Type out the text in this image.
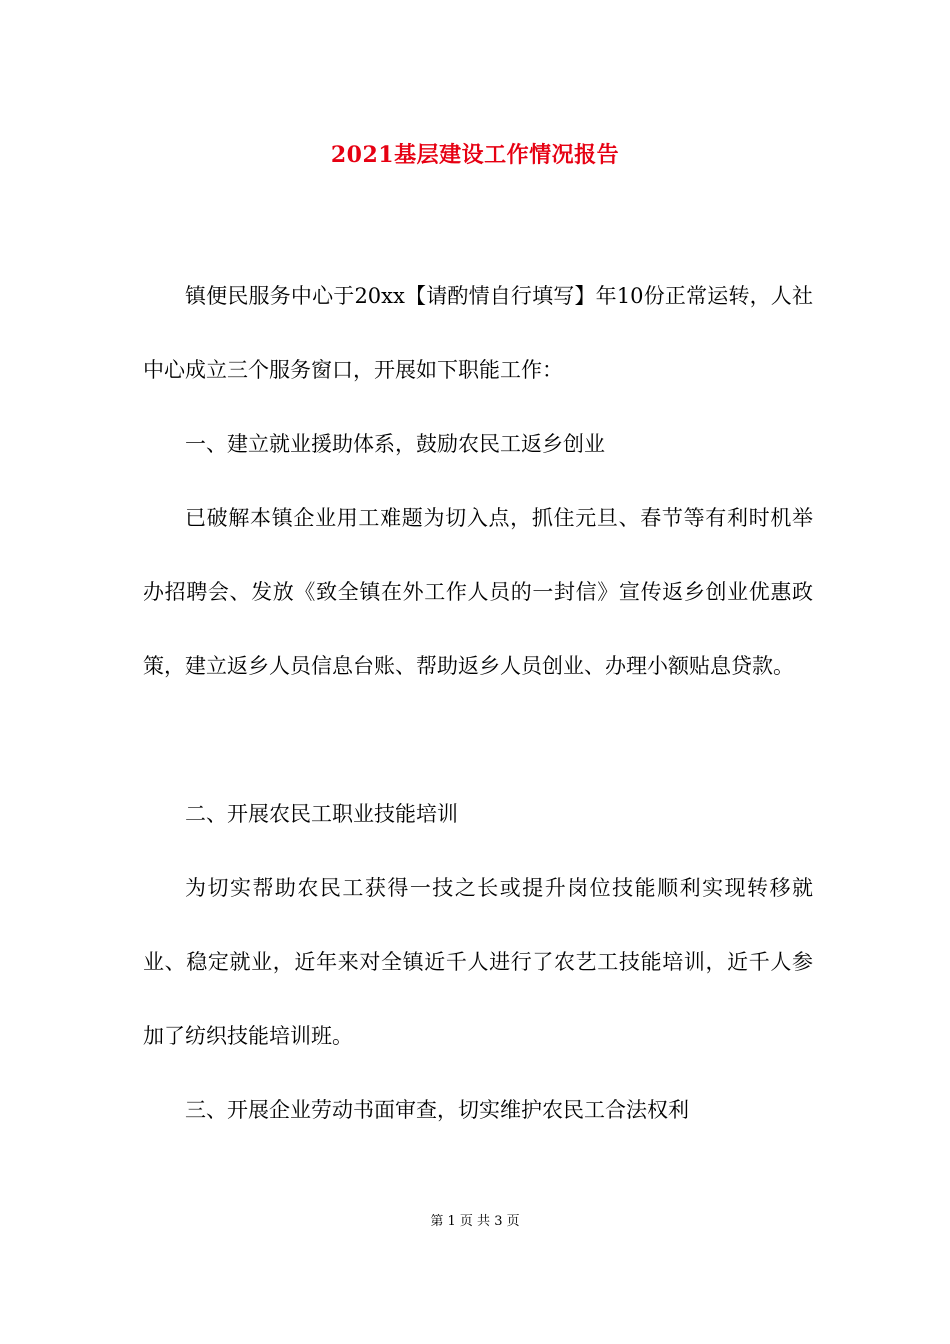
2021基层建设工作情况报告

镇便民服务中心于20xx【请酌情自行填写】年10份正常运转，人社中心成立三个服务窗口，开展如下职能工作：

一、建立就业援助体系，鼓励农民工返乡创业

已破解本镇企业用工难题为切入点，抓住元旦、春节等有利时机举办招聘会、发放《致全镇在外工作人员的一封信》宣传返乡创业优惠政策，建立返乡人员信息台账、帮助返乡人员创业、办理小额贴息贷款。

二、开展农民工职业技能培训

为切实帮助农民工获得一技之长或提升岗位技能顺利实现转移就业、稳定就业，近年来对全镇近千人进行了农艺工技能培训，近千人参加了纺织技能培训班。

三、开展企业劳动书面审查，切实维护农民工合法权利

第 1 页 共 3 页
